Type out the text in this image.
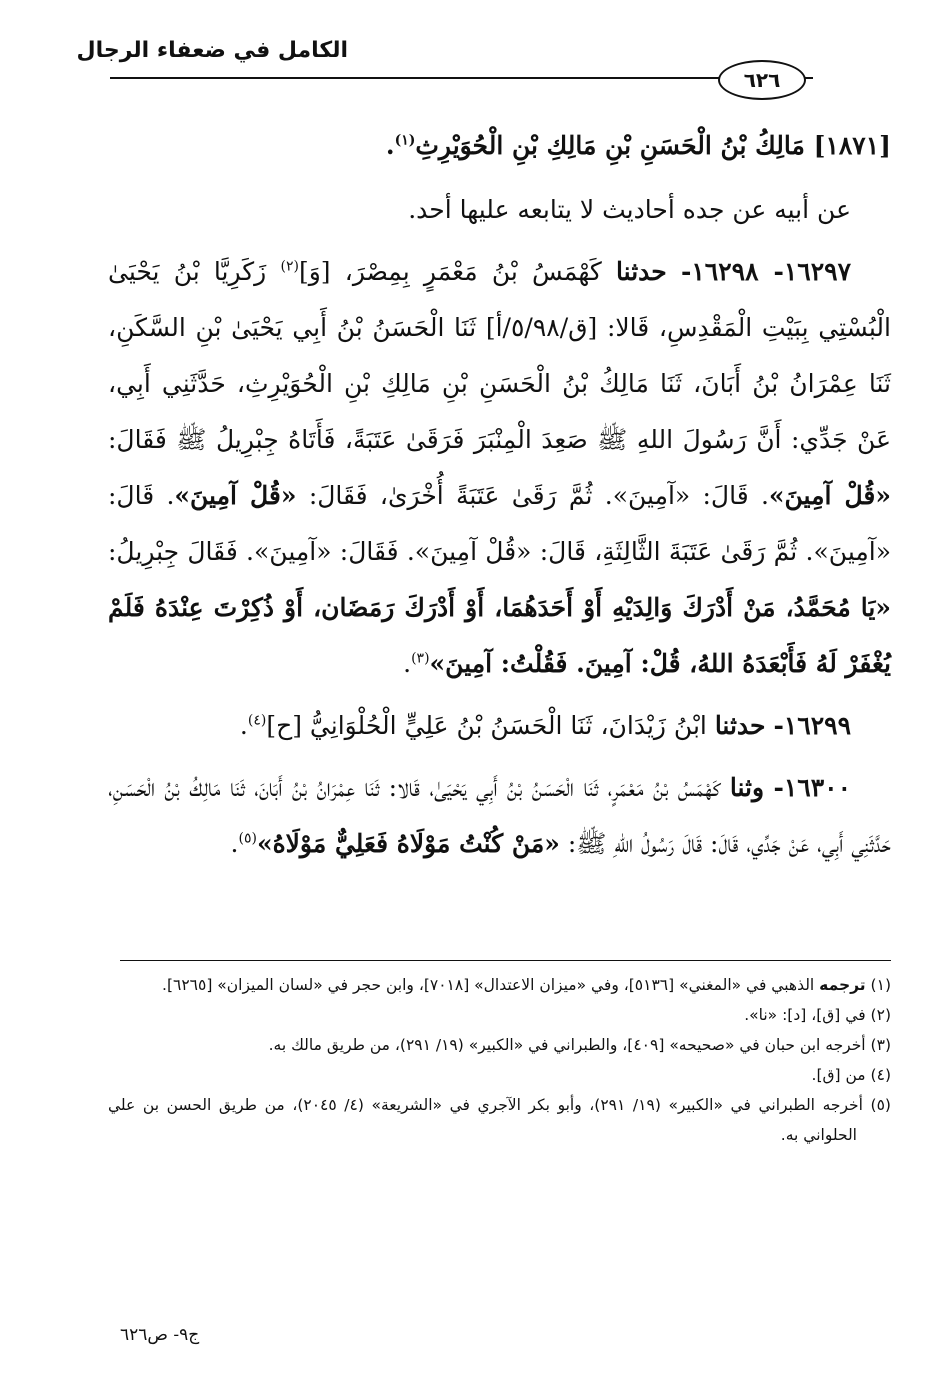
الكامل في ضعفاء الرجال
٦٢٦

[١٨٧١] مَالِكُ بْنُ الْحَسَنِ بْنِ مَالِكِ بْنِ الْحُوَيْرِثِ$^{(١)}$.

عن أبيه عن جده أحاديث لا يتابعه عليها أحد.

١٦٢٩٧- ١٦٢٩٨- حدثنا كَهْمَسُ بْنُ مَعْمَرٍ بِمِصْرَ، [وَ]$^{(٢)}$ زَكَرِيَّا بْنُ يَحْيَىٰ الْبُسْتِي بِبَيْتِ الْمَقْدِسِ، قَالا: [ق/٥/٩٨/أ] ثَنَا الْحَسَنُ بْنُ أَبِي يَحْيَىٰ بْنِ السَّكَنِ، ثَنَا عِمْرَانُ بْنُ أَبَانَ، ثَنَا مَالِكُ بْنُ الْحَسَنِ بْنِ مَالِكِ بْنِ الْحُوَيْرِثِ، حَدَّثَنِي أَبِي، عَنْ جَدِّي: أَنَّ رَسُولَ اللهِ ﷺ صَعِدَ الْمِنْبَرَ فَرَقَىٰ عَتَبَةً، فَأَتَاهُ جِبْرِيلُ ﷺ فَقَالَ: «قُلْ آمِينَ». قَالَ: «آمِينَ». ثُمَّ رَقَىٰ عَتَبَةً أُخْرَىٰ، فَقَالَ: «قُلْ آمِينَ». قَالَ: «آمِينَ». ثُمَّ رَقَىٰ عَتَبَةَ الثَّالِثَةِ، قَالَ: «قُلْ آمِينَ». فَقَالَ: «آمِينَ». فَقَالَ جِبْرِيلُ: «يَا مُحَمَّدُ، مَنْ أَدْرَكَ وَالِدَيْهِ أَوْ أَحَدَهُمَا، أَوْ أَدْرَكَ رَمَضَان، أَوْ ذُكِرْتَ عِنْدَهُ فَلَمْ يُغْفَرْ لَهُ فَأَبْعَدَهُ اللهُ، قُلْ: آمِينَ. فَقُلْتُ: آمِينَ»$^{(٣)}$.

١٦٢٩٩- حدثنا ابْنُ زَيْدَانَ، ثَنَا الْحَسَنُ بْنُ عَلِيٍّ الْحُلْوَانِيُّ [ح]$^{(٤)}$.

١٦٣٠٠- وثنا كَهْمَسُ بْنُ مَعْمَرٍ، ثَنَا الْحَسَنُ بْنُ أَبِي يَحْيَىٰ، قَالا: ثَنَا عِمْرَانُ بْنُ أَبَانَ، ثَنَا مَالِكُ بْنُ الْحَسَنِ، حَدَّثَنِي أَبِي، عَنْ جَدِّي، قَالَ: قَالَ رَسُولُ اللهِ ﷺ: «مَنْ كُنْتُ مَوْلَاهُ فَعَلِيٌّ مَوْلَاهُ»$^{(٥)}$.

(١) ترجمه الذهبي في «المغني» [٥١٣٦]، وفي «ميزان الاعتدال» [٧٠١٨]، وابن حجر في «لسان الميزان» [٦٢٦٥].

(٢) في [ق]، [د]: «نا».

(٣) أخرجه ابن حبان في «صحيحه» [٤٠٩]، والطبراني في «الكبير» (١٩/ ٢٩١)، من طريق مالك به.

(٤) من [ق].

(٥) أخرجه الطبراني في «الكبير» (١٩/ ٢٩١)، وأبو بكر الآجري في «الشريعة» (٤/ ٢٠٤٥)، من طريق الحسن بن علي الحلواني به.

ج٩- ص٦٢٦
